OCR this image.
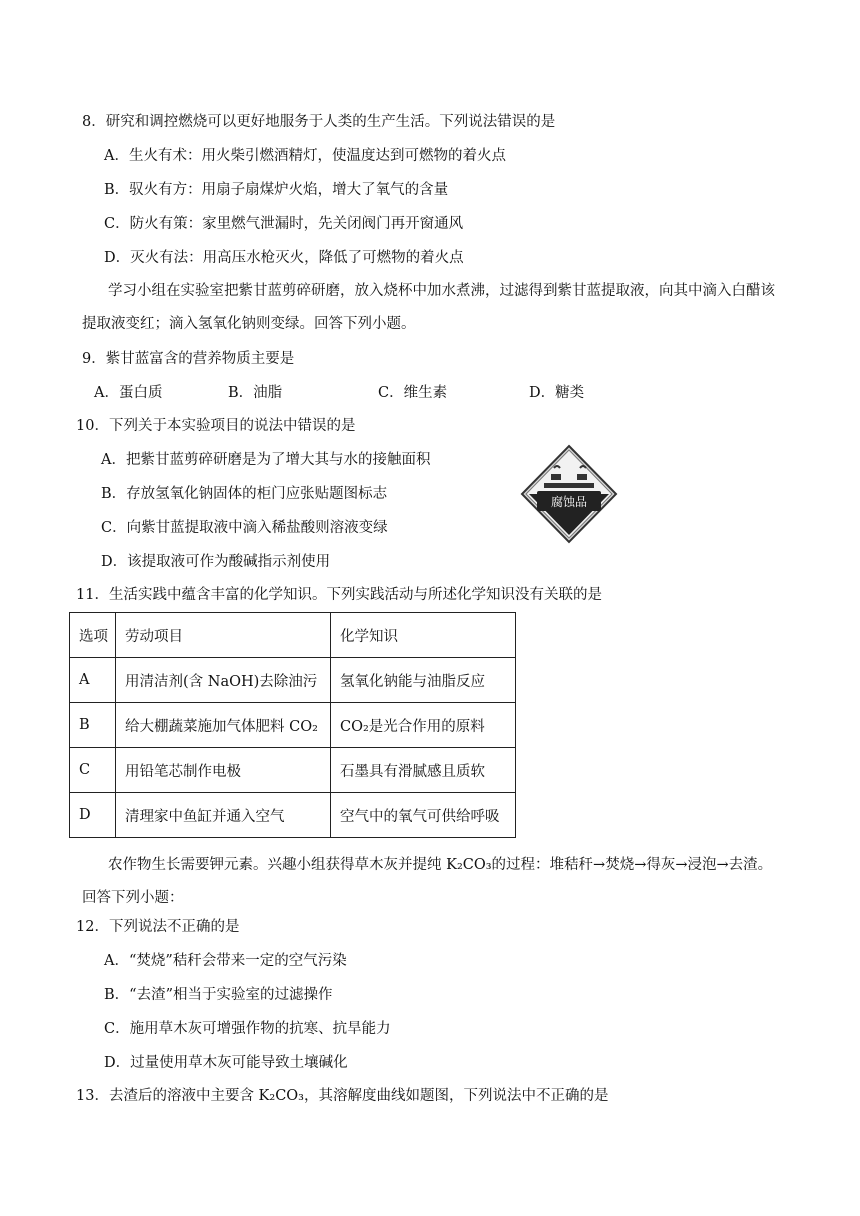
8．研究和调控燃烧可以更好地服务于人类的生产生活。下列说法错误的是
A．生火有术：用火柴引燃酒精灯，使温度达到可燃物的着火点
B．驭火有方：用扇子扇煤炉火焰，增大了氧气的含量
C．防火有策：家里燃气泄漏时，先关闭阀门再开窗通风
D．灭火有法：用高压水枪灭火，降低了可燃物的着火点
学习小组在实验室把紫甘蓝剪碎研磨，放入烧杯中加水煮沸，过滤得到紫甘蓝提取液，向其中滴入白醋该提取液变红；滴入氢氧化钠则变绿。回答下列小题。
9．紫甘蓝富含的营养物质主要是
A．蛋白质	B．油脂	C．维生素	D．糖类
10．下列关于本实验项目的说法中错误的是
A．把紫甘蓝剪碎研磨是为了增大其与水的接触面积
B．存放氢氧化钠固体的柜门应张贴题图标志
C．向紫甘蓝提取液中滴入稀盐酸则溶液变绿
D．该提取液可作为酸碱指示剂使用
腐蚀品
11．生活实践中蕴含丰富的化学知识。下列实践活动与所述化学知识没有关联的是
选项	劳动项目	化学知识
A	用清洁剂(含 NaOH)去除油污	氢氧化钠能与油脂反应
B	给大棚蔬菜施加气体肥料 CO₂	CO₂是光合作用的原料
C	用铅笔芯制作电极	石墨具有滑腻感且质软
D	清理家中鱼缸并通入空气	空气中的氧气可供给呼吸
农作物生长需要钾元素。兴趣小组获得草木灰并提纯 K₂CO₃的过程：堆秸秆→焚烧→得灰→浸泡→去渣。回答下列小题：
12．下列说法不正确的是
A．“焚烧”秸秆会带来一定的空气污染
B．“去渣”相当于实验室的过滤操作
C．施用草木灰可增强作物的抗寒、抗旱能力
D．过量使用草木灰可能导致土壤碱化
13．去渣后的溶液中主要含 K₂CO₃，其溶解度曲线如题图，下列说法中不正确的是
